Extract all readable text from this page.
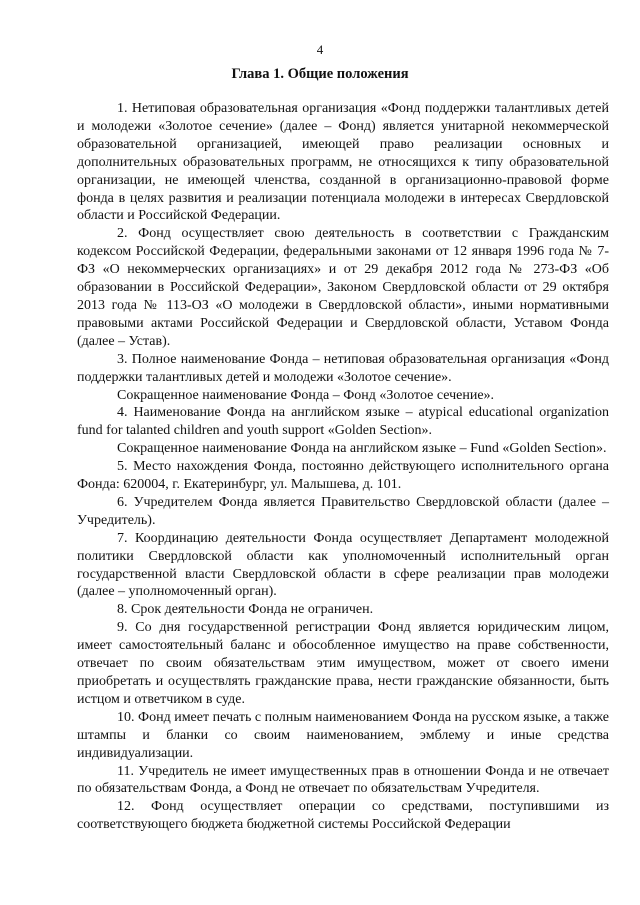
4
Глава 1. Общие положения

1. Нетиповая образовательная организация «Фонд поддержки талантливых детей и молодежи «Золотое сечение» (далее – Фонд) является унитарной некоммерческой образовательной организацией, имеющей право реализации основных и дополнительных образовательных программ, не относящихся к типу образовательной организации, не имеющей членства, созданной в организационно-правовой форме фонда в целях развития и реализации потенциала молодежи в интересах Свердловской области и Российской Федерации.

2. Фонд осуществляет свою деятельность в соответствии с Гражданским кодексом Российской Федерации, федеральными законами от 12 января 1996 года № 7-ФЗ «О некоммерческих организациях» и от 29 декабря 2012 года № 273-ФЗ «Об образовании в Российской Федерации», Законом Свердловской области от 29 октября 2013 года № 113-ОЗ «О молодежи в Свердловской области», иными нормативными правовыми актами Российской Федерации и Свердловской области, Уставом Фонда (далее – Устав).

3. Полное наименование Фонда – нетиповая образовательная организация «Фонд поддержки талантливых детей и молодежи «Золотое сечение».

Сокращенное наименование Фонда – Фонд «Золотое сечение».

4. Наименование Фонда на английском языке – atypical educational organization fund for talanted children and youth support «Golden Section».

Сокращенное наименование Фонда на английском языке – Fund «Golden Section».

5. Место нахождения Фонда, постоянно действующего исполнительного органа Фонда: 620004, г. Екатеринбург, ул. Малышева, д. 101.

6. Учредителем Фонда является Правительство Свердловской области (далее – Учредитель).

7. Координацию деятельности Фонда осуществляет Департамент молодежной политики Свердловской области как уполномоченный исполнительный орган государственной власти Свердловской области в сфере реализации прав молодежи (далее – уполномоченный орган).

8. Срок деятельности Фонда не ограничен.

9. Со дня государственной регистрации Фонд является юридическим лицом, имеет самостоятельный баланс и обособленное имущество на праве собственности, отвечает по своим обязательствам этим имуществом, может от своего имени приобретать и осуществлять гражданские права, нести гражданские обязанности, быть истцом и ответчиком в суде.

10. Фонд имеет печать с полным наименованием Фонда на русском языке, а также штампы и бланки со своим наименованием, эмблему и иные средства индивидуализации.

11. Учредитель не имеет имущественных прав в отношении Фонда и не отвечает по обязательствам Фонда, а Фонд не отвечает по обязательствам Учредителя.

12. Фонд осуществляет операции со средствами, поступившими из соответствующего бюджета бюджетной системы Российской Федерации
